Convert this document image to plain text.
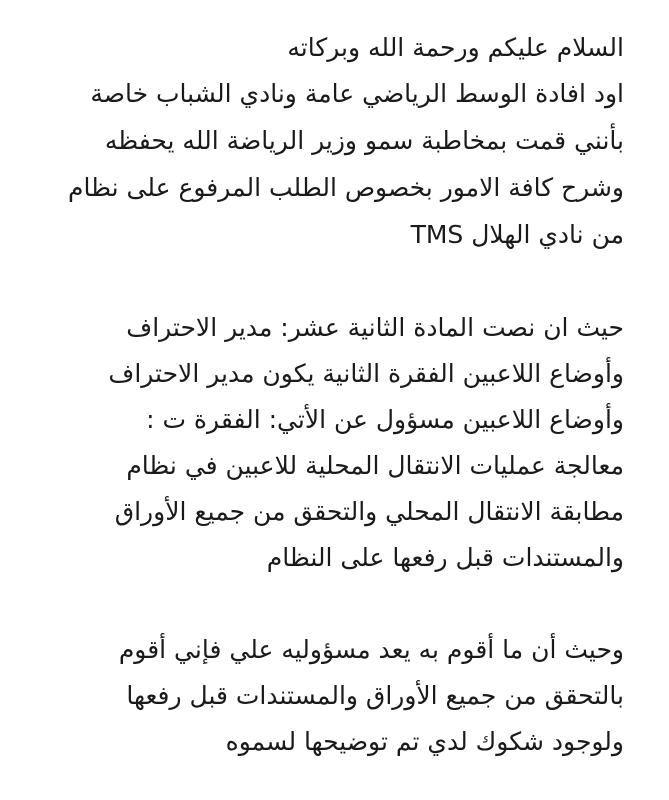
السلام عليكم ورحمة الله وبركاته
اود افادة الوسط الرياضي عامة ونادي الشباب خاصة
بأنني قمت بمخاطبة سمو وزير الرياضة الله يحفظه
وشرح كافة الامور بخصوص الطلب المرفوع على نظام
TMS من نادي الهلال
حيث ان نصت المادة الثانية عشر: مدير الاحتراف
وأوضاع اللاعبين الفقرة الثانية يكون مدير الاحتراف
وأوضاع اللاعبين مسؤول عن الأتي: الفقرة ت :
معالجة عمليات الانتقال المحلية للاعبين في نظام
مطابقة الانتقال المحلي والتحقق من جميع الأوراق
والمستندات قبل رفعها على النظام
وحيث أن ما أقوم به يعد مسؤوليه علي فإني أقوم
بالتحقق من جميع الأوراق والمستندات قبل رفعها
ولوجود شكوك لدي تم توضيحها لسموه
